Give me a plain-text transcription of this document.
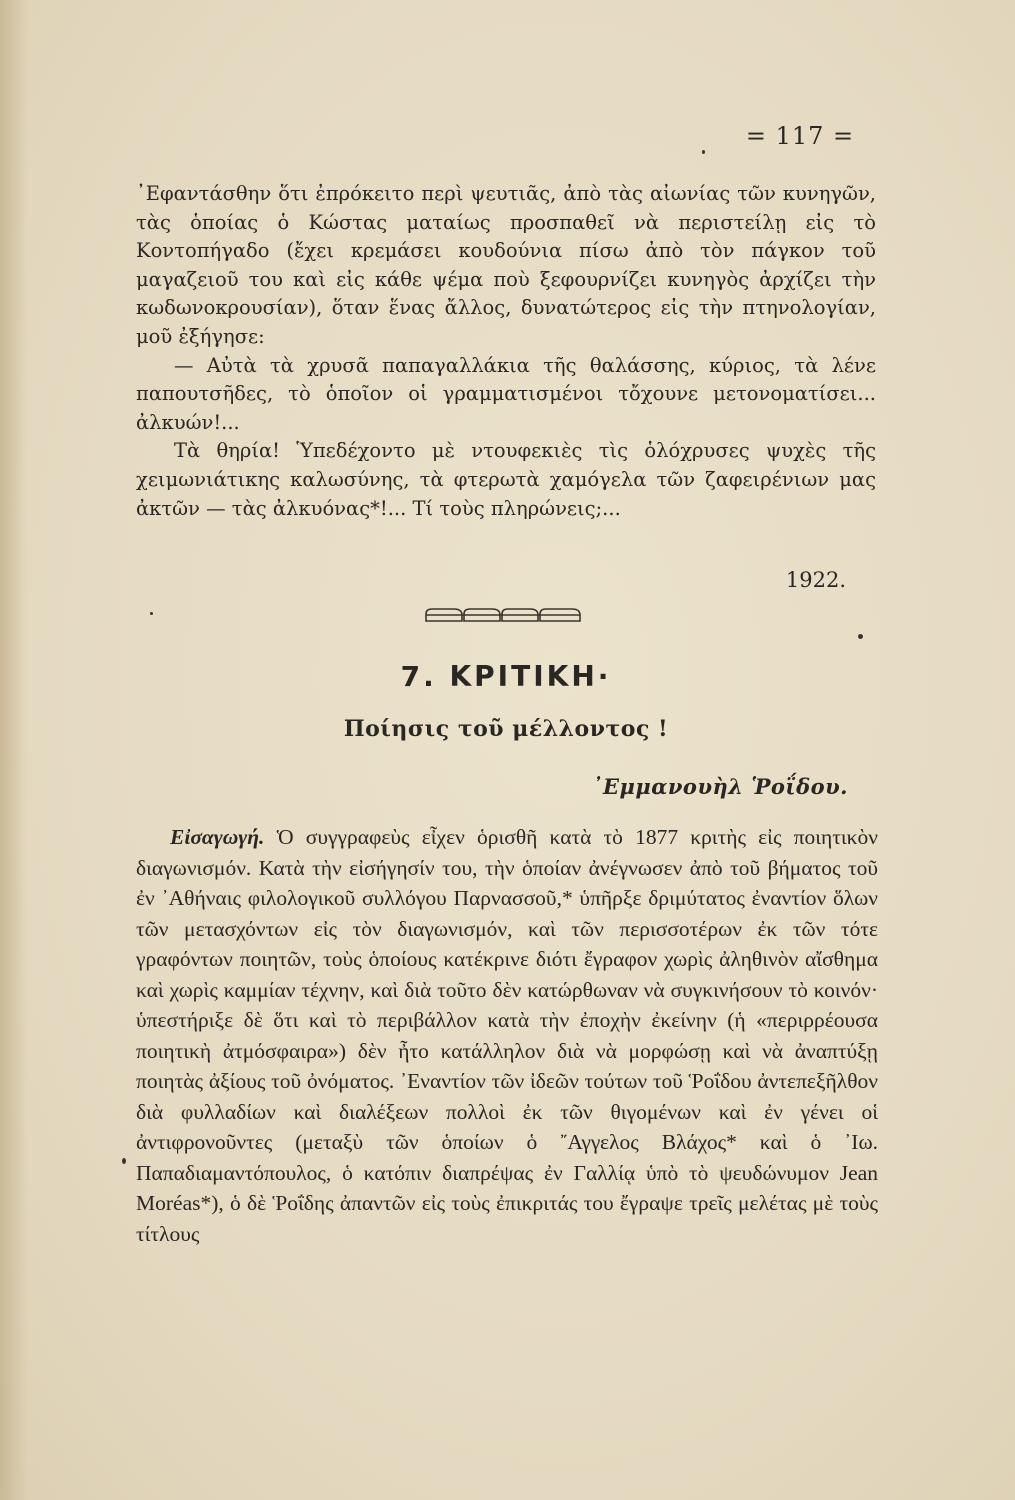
= 117 =

᾿Εφαντάσθην ὅτι ἐπρόκειτο περὶ ψευτιᾶς, ἀπὸ τὰς αἰωνίας τῶν κυνηγῶν, τὰς ὁποίας ὁ Κώστας ματαίως προσπαθεῖ νὰ περιστείλῃ εἰς τὸ Κοντοπήγαδο (ἔχει κρεμάσει κουδούνια πίσω ἀπὸ τὸν πάγκον τοῦ μαγαζειοῦ του καὶ εἰς κάθε ψέμα ποὺ ξεφουρνίζει κυνηγὸς ἀρχίζει τὴν κωδωνοκρουσίαν), ὅταν ἕνας ἄλλος, δυνατώτερος εἰς τὴν πτηνολογίαν, μοῦ ἐξήγησε:

— Αὐτὰ τὰ χρυσᾶ παπαγαλλάκια τῆς θαλάσσης, κύριος, τὰ λένε παπουτσῆδες, τὸ ὁποῖον οἱ γραμματισμένοι τὄχουνε μετονοματίσει... ἀλκυών!...

Τὰ θηρία! Ὑπεδέχοντο μὲ ντουφεκιὲς τὶς ὁλόχρυσες ψυχὲς τῆς χειμωνιάτικης καλωσύνης, τὰ φτερωτὰ χαμόγελα τῶν ζαφειρένιων μας ἀκτῶν — τὰς ἀλκυόνας*!... Τί τοὺς πληρώνεις;...

1922.
7. ΚΡΙΤΙΚΗ·
Ποίησις τοῦ μέλλοντος !
᾿Εμμανουὴλ Ῥοΐδου.

Εἰσαγωγή. Ὁ συγγραφεὺς εἶχεν ὁρισθῆ κατὰ τὸ 1877 κριτὴς εἰς ποιητικὸν διαγωνισμόν. Κατὰ τὴν εἰσήγησίν του, τὴν ὁποίαν ἀνέγνωσεν ἀπὸ τοῦ βήματος τοῦ ἐν ᾿Αθήναις φιλολογικοῦ συλλόγου Παρνασσοῦ,* ὑπῆρξε δριμύτατος ἐναντίον ὅλων τῶν μετασχόντων εἰς τὸν διαγωνισμόν, καὶ τῶν περισσοτέρων ἐκ τῶν τότε γραφόντων ποιητῶν, τοὺς ὁποίους κατέκρινε διότι ἔγραφον χωρὶς ἀληθινὸν αἴσθημα καὶ χωρὶς καμμίαν τέχνην, καὶ διὰ τοῦτο δὲν κατώρθωναν νὰ συγκινήσουν τὸ κοινόν· ὑπεστήριξε δὲ ὅτι καὶ τὸ περιβάλλον κατὰ τὴν ἐποχὴν ἐκείνην (ἡ «περιρρέουσα ποιητικὴ ἀτμόσφαιρα») δὲν ἦτο κατάλληλον διὰ νὰ μορφώσῃ καὶ νὰ ἀναπτύξῃ ποιητὰς ἀξίους τοῦ ὀνόματος. ᾿Εναντίον τῶν ἰδεῶν τούτων τοῦ Ῥοΐδου ἀντεπεξῆλθον διὰ φυλλαδίων καὶ διαλέξεων πολλοὶ ἐκ τῶν θιγομένων καὶ ἐν γένει οἱ ἀντιφρονοῦντες (μεταξὺ τῶν ὁποίων ὁ ῎Αγγελος Βλάχος* καὶ ὁ ᾿Ιω. Παπαδιαμαντόπουλος, ὁ κατόπιν διαπρέψας ἐν Γαλλίᾳ ὑπὸ τὸ ψευδώνυμον Jean Moréas*), ὁ δὲ Ῥοΐδης ἀπαντῶν εἰς τοὺς ἐπικριτάς του ἔγραψε τρεῖς μελέτας μὲ τοὺς τίτλους
